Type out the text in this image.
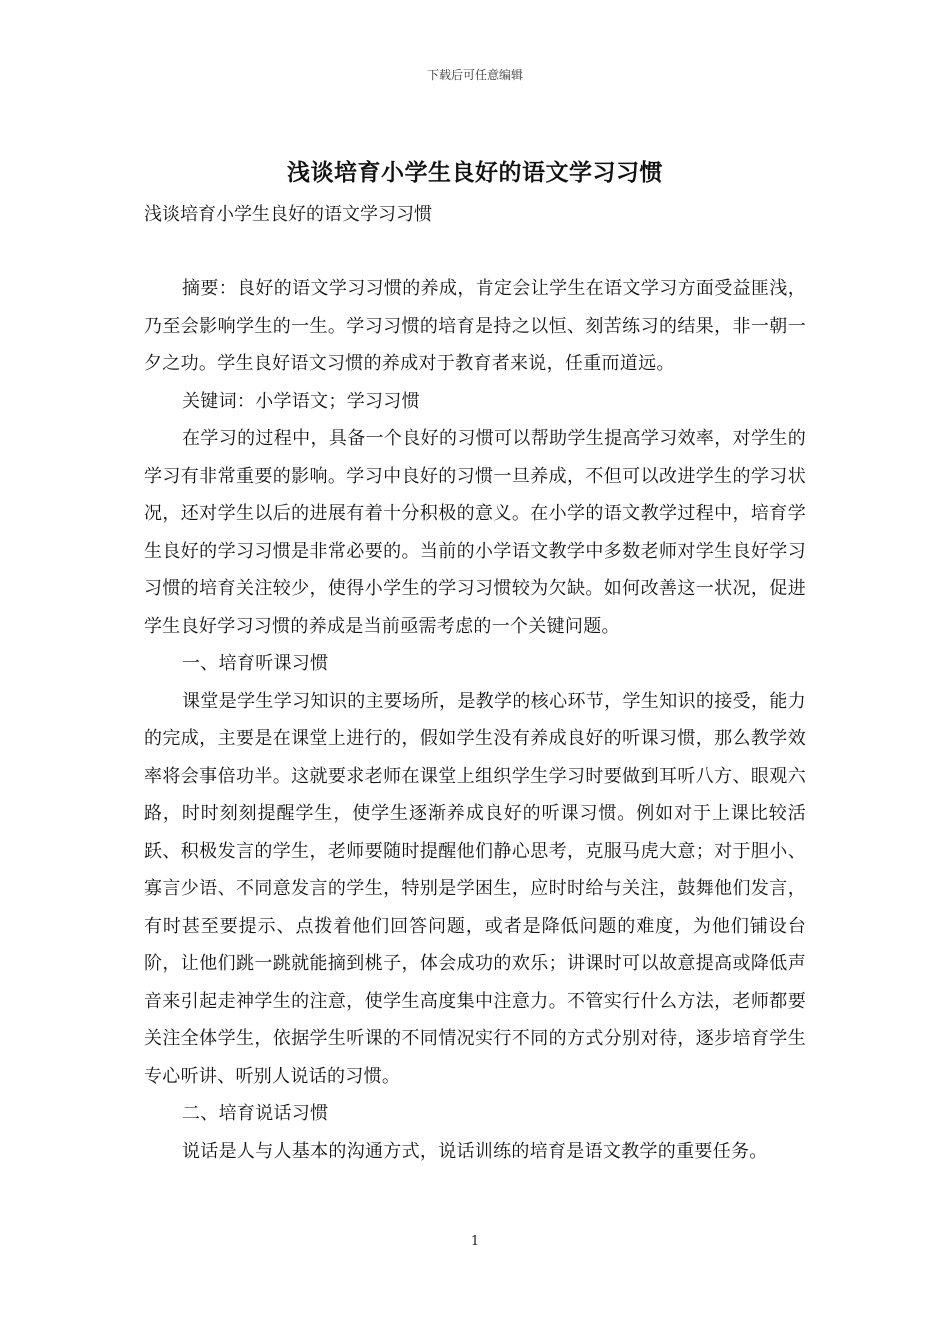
下载后可任意编辑
浅谈培育小学生良好的语文学习习惯
浅谈培育小学生良好的语文学习习惯

摘要：良好的语文学习习惯的养成，肯定会让学生在语文学习方面受益匪浅，乃至会影响学生的一生。学习习惯的培育是持之以恒、刻苦练习的结果，非一朝一夕之功。学生良好语文习惯的养成对于教育者来说，任重而道远。

关键词：小学语文；学习习惯

在学习的过程中，具备一个良好的习惯可以帮助学生提高学习效率，对学生的学习有非常重要的影响。学习中良好的习惯一旦养成，不但可以改进学生的学习状况，还对学生以后的进展有着十分积极的意义。在小学的语文教学过程中，培育学生良好的学习习惯是非常必要的。当前的小学语文教学中多数老师对学生良好学习习惯的培育关注较少，使得小学生的学习习惯较为欠缺。如何改善这一状况，促进学生良好学习习惯的养成是当前亟需考虑的一个关键问题。

一、培育听课习惯

课堂是学生学习知识的主要场所，是教学的核心环节，学生知识的接受，能力的完成，主要是在课堂上进行的，假如学生没有养成良好的听课习惯，那么教学效率将会事倍功半。这就要求老师在课堂上组织学生学习时要做到耳听八方、眼观六路，时时刻刻提醒学生，使学生逐渐养成良好的听课习惯。例如对于上课比较活跃、积极发言的学生，老师要随时提醒他们静心思考，克服马虎大意；对于胆小、寡言少语、不同意发言的学生，特别是学困生，应时时给与关注，鼓舞他们发言，有时甚至要提示、点拨着他们回答问题，或者是降低问题的难度，为他们铺设台阶，让他们跳一跳就能摘到桃子，体会成功的欢乐；讲课时可以故意提高或降低声音来引起走神学生的注意，使学生高度集中注意力。不管实行什么方法，老师都要关注全体学生，依据学生听课的不同情况实行不同的方式分别对待，逐步培育学生专心听讲、听别人说话的习惯。

二、培育说话习惯

说话是人与人基本的沟通方式，说话训练的培育是语文教学的重要任务。

1
